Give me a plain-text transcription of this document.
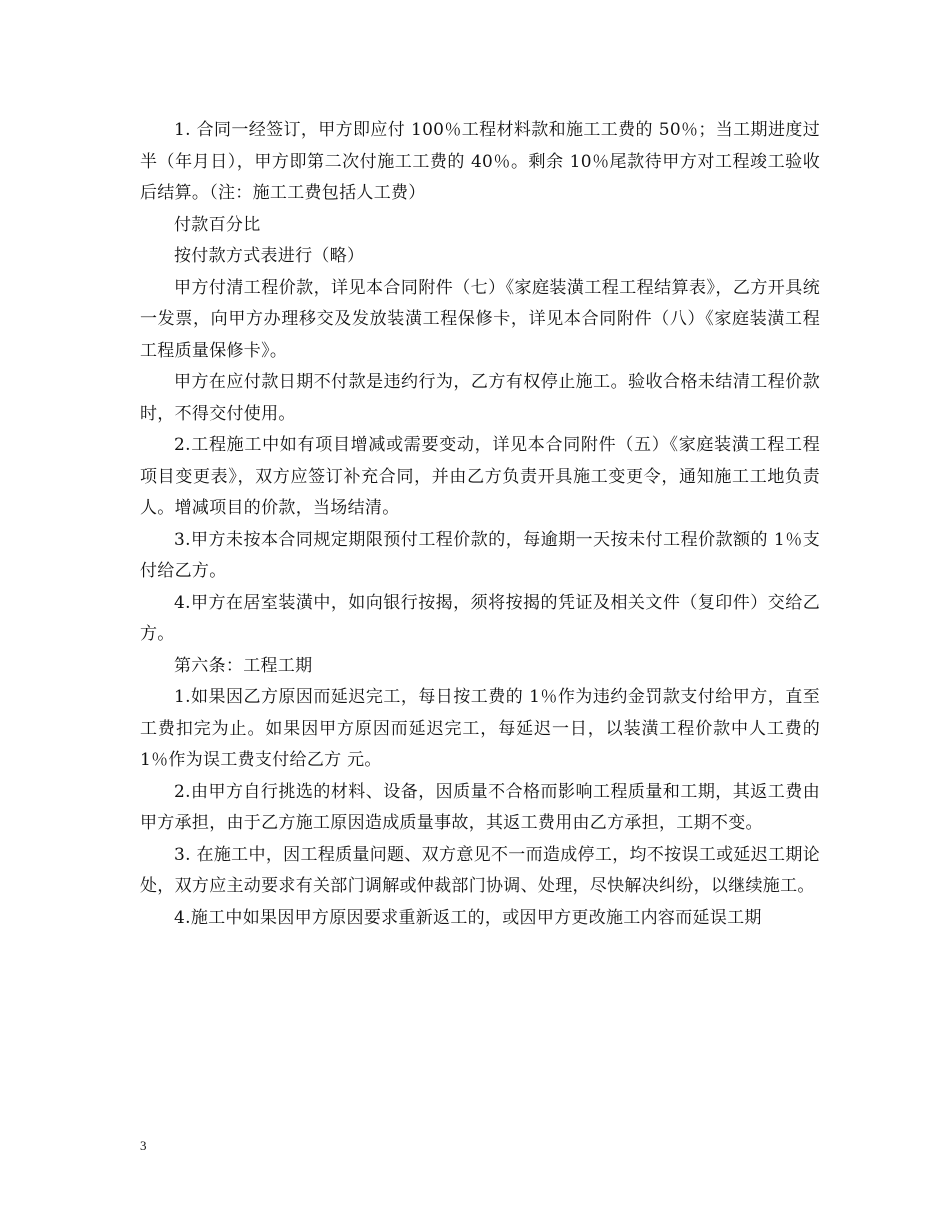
1. 合同一经签订，甲方即应付 100％工程材料款和施工工费的 50％；当工期进度过半（年月日），甲方即第二次付施工工费的 40％。剩余 10％尾款待甲方对工程竣工验收后结算。（注：施工工费包括人工费）

付款百分比

按付款方式表进行（略）

甲方付清工程价款，详见本合同附件（七）《家庭装潢工程工程结算表》，乙方开具统一发票，向甲方办理移交及发放装潢工程保修卡，详见本合同附件（八）《家庭装潢工程工程质量保修卡》。

甲方在应付款日期不付款是违约行为，乙方有权停止施工。验收合格未结清工程价款时，不得交付使用。

2.工程施工中如有项目增减或需要变动，详见本合同附件（五）《家庭装潢工程工程项目变更表》，双方应签订补充合同，并由乙方负责开具施工变更令，通知施工工地负责人。增减项目的价款，当场结清。

3.甲方未按本合同规定期限预付工程价款的，每逾期一天按未付工程价款额的 1％支付给乙方。

4.甲方在居室装潢中，如向银行按揭，须将按揭的凭证及相关文件（复印件）交给乙方。

第六条：工程工期

1.如果因乙方原因而延迟完工，每日按工费的 1％作为违约金罚款支付给甲方，直至工费扣完为止。如果因甲方原因而延迟完工，每延迟一日，以装潢工程价款中人工费的 1％作为误工费支付给乙方 元。

2.由甲方自行挑选的材料、设备，因质量不合格而影响工程质量和工期，其返工费由甲方承担，由于乙方施工原因造成质量事故，其返工费用由乙方承担，工期不变。

3. 在施工中，因工程质量问题、双方意见不一而造成停工，均不按误工或延迟工期论处，双方应主动要求有关部门调解或仲裁部门协调、处理，尽快解决纠纷，以继续施工。

4.施工中如果因甲方原因要求重新返工的，或因甲方更改施工内容而延误工期

3
